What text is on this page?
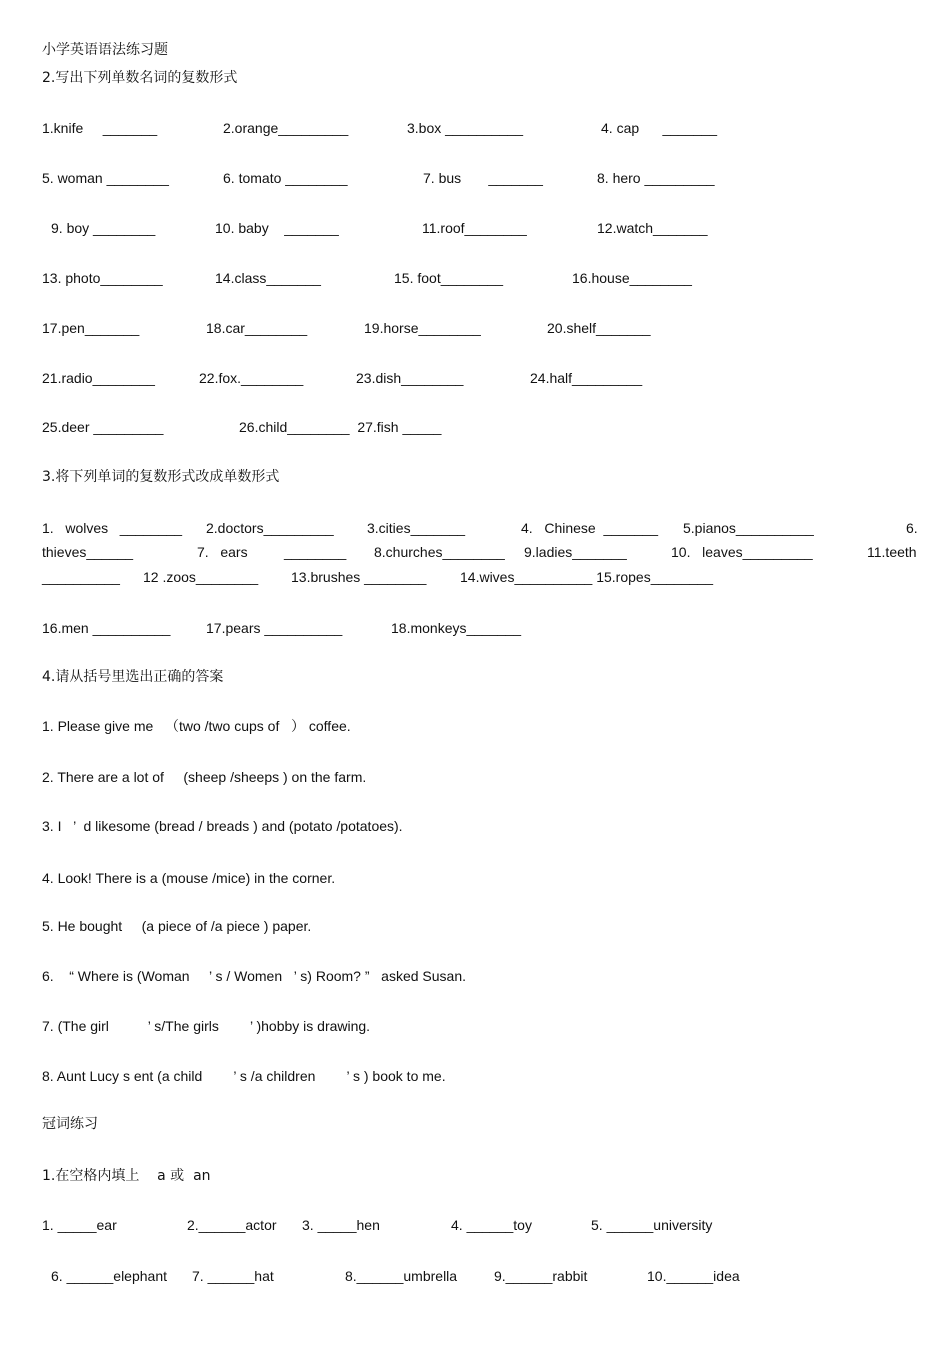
小学英语语法练习题
2.写出下列单数名词的复数形式
1.knife     _______	2.orange_________	3.box __________	4. cap      _______
5. woman ________	6. tomato ________	7. bus       _______	8. hero _________
9. boy ________	10. baby    _______	11.roof________	12.watch_______
13. photo________	14.class_______	15. foot________	16.house________
17.pen_______	18.car________	19.horse________	20.shelf_______
21.radio________	22.fox.________	23.dish________	24.half_________
25.deer _________	26.child________  27.fish _____
3.将下列单词的复数形式改成单数形式
1.   wolves   ________ 2.doctors_________ 3.cities_______	4.   Chinese  _______ 5.pianos__________	6.
thieves______	7.   ears	________ 8.churches________ 9.ladies_______	10.   leaves_________	11.teeth
__________ 12 .zoos________ 13.brushes ________ 14.wives__________ 15.ropes________
16.men __________	17.pears __________	18.monkeys_______
4.请从括号里选出正确的答案
1. Please give me   （two /two cups of   ） coffee.
2. There are a lot of     (sheep /sheeps ) on the farm.
3. I   ’  d likesome (bread / breads ) and (potato /potatoes).
4. Look! There is a (mouse /mice) in the corner.
5. He bought     (a piece of /a piece ) paper.
6.    “ Where is (Woman     ’ s / Women   ’ s) Room? ”   asked Susan.
7. (The girl          ’ s/The girls        ’ )hobby is drawing.
8. Aunt Lucy s ent (a child        ’ s /a children        ’ s ) book to me.
冠词练习
1.在空格内填上    a 或  an
1. _____ear	2.______actor 3. _____hen	4. ______toy	5. ______university
6. ______elephant 7. ______hat	8.______umbrella	9.______rabbit	10.______idea
